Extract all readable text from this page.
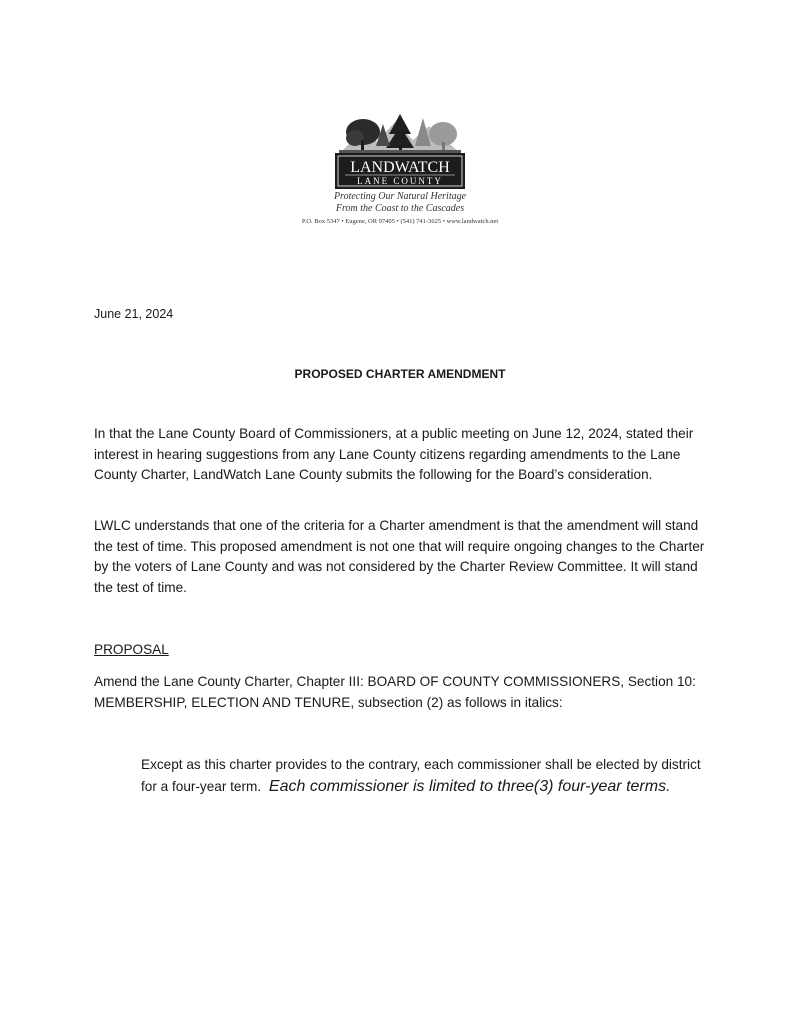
LANDWATCH
LANE COUNTY
Protecting Our Natural Heritage
From the Coast to the Cascades
P.O. Box 5347 • Eugene, OR 97405 • (541) 741-3625 • www.landwatch.net
June 21, 2024
PROPOSED CHARTER AMENDMENT

In that the Lane County Board of Commissioners, at a public meeting on June 12, 2024, stated their interest in hearing suggestions from any Lane County citizens regarding amendments to the Lane County Charter, LandWatch Lane County submits the following for the Board’s consideration.

LWLC understands that one of the criteria for a Charter amendment is that the amendment will stand the test of time. This proposed amendment is not one that will require ongoing changes to the Charter by the voters of Lane County and was not considered by the Charter Review Committee. It will stand the test of time.

PROPOSAL

Amend the Lane County Charter, Chapter III: BOARD OF COUNTY COMMISSIONERS, Section 10: MEMBERSHIP, ELECTION AND TENURE, subsection (2) as follows in italics:

Except as this charter provides to the contrary, each commissioner shall be elected by district for a four-year term. Each commissioner is limited to three(3) four-year terms.
